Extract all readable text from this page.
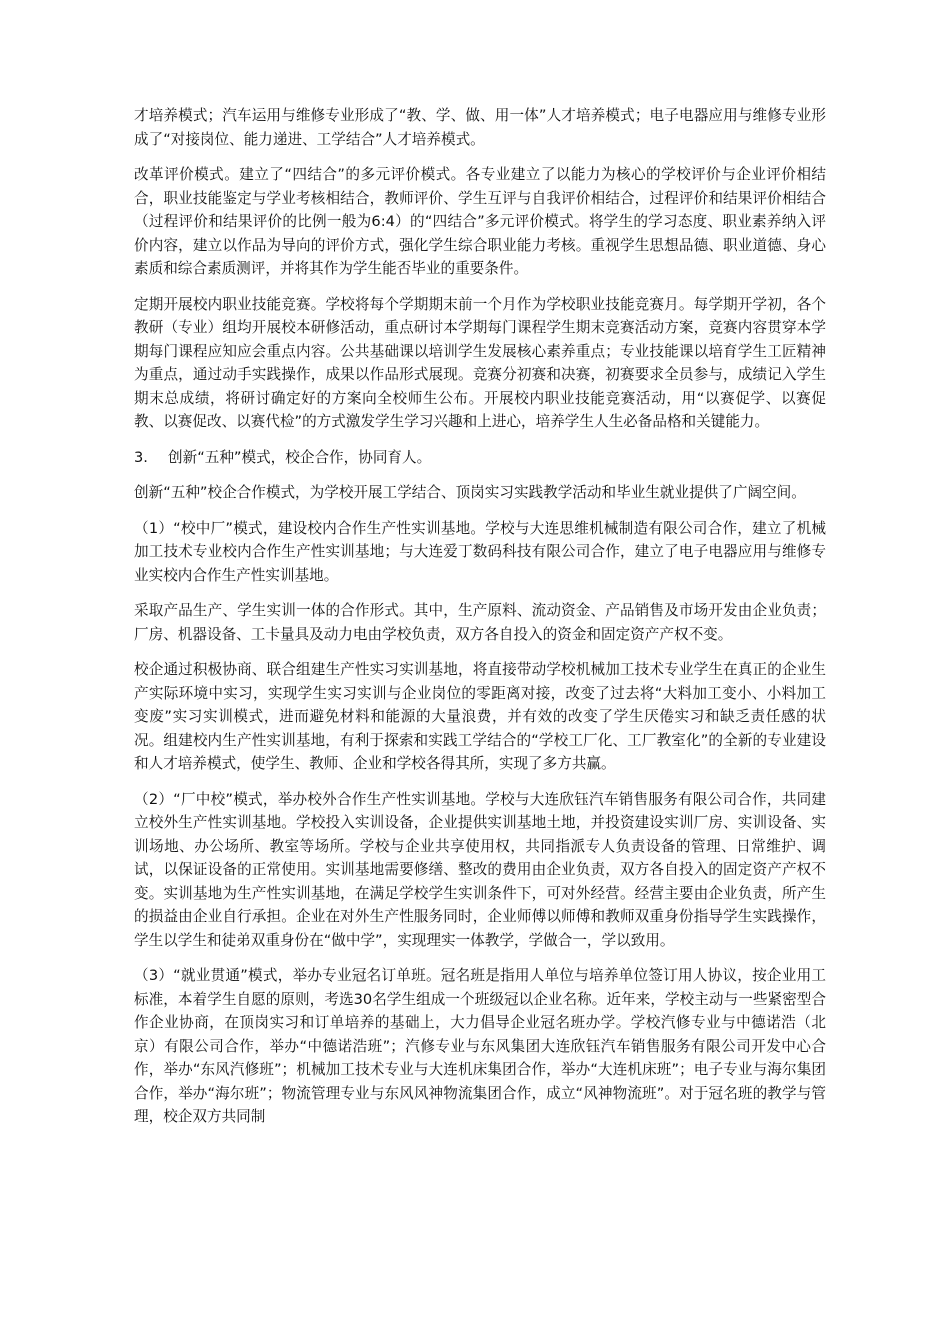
才培养模式；汽车运用与维修专业形成了“教、学、做、用一体”人才培养模式；电子电器应用与维修专业形成了“对接岗位、能力递进、工学结合”人才培养模式。

改革评价模式。建立了“四结合”的多元评价模式。各专业建立了以能力为核心的学校评价与企业评价相结合，职业技能鉴定与学业考核相结合，教师评价、学生互评与自我评价相结合，过程评价和结果评价相结合（过程评价和结果评价的比例一般为6:4）的“四结合”多元评价模式。将学生的学习态度、职业素养纳入评价内容，建立以作品为导向的评价方式，强化学生综合职业能力考核。重视学生思想品德、职业道德、身心素质和综合素质测评，并将其作为学生能否毕业的重要条件。

定期开展校内职业技能竞赛。学校将每个学期期末前一个月作为学校职业技能竞赛月。每学期开学初，各个教研（专业）组均开展校本研修活动，重点研讨本学期每门课程学生期末竞赛活动方案，竞赛内容贯穿本学期每门课程应知应会重点内容。公共基础课以培训学生发展核心素养重点；专业技能课以培育学生工匠精神为重点，通过动手实践操作，成果以作品形式展现。竞赛分初赛和决赛，初赛要求全员参与，成绩记入学生期末总成绩，将研讨确定好的方案向全校师生公布。开展校内职业技能竞赛活动，用“以赛促学、以赛促教、以赛促改、以赛代检”的方式激发学生学习兴趣和上进心，培养学生人生必备品格和关键能力。

3. 创新“五种”模式，校企合作，协同育人。

创新“五种”校企合作模式，为学校开展工学结合、顶岗实习实践教学活动和毕业生就业提供了广阔空间。

（1）“校中厂”模式，建设校内合作生产性实训基地。学校与大连思维机械制造有限公司合作，建立了机械加工技术专业校内合作生产性实训基地；与大连爱丁数码科技有限公司合作，建立了电子电器应用与维修专业实校内合作生产性实训基地。

采取产品生产、学生实训一体的合作形式。其中，生产原料、流动资金、产品销售及市场开发由企业负责；厂房、机器设备、工卡量具及动力电由学校负责，双方各自投入的资金和固定资产产权不变。

校企通过积极协商、联合组建生产性实习实训基地，将直接带动学校机械加工技术专业学生在真正的企业生产实际环境中实习，实现学生实习实训与企业岗位的零距离对接，改变了过去将“大料加工变小、小料加工变废”实习实训模式，进而避免材料和能源的大量浪费，并有效的改变了学生厌倦实习和缺乏责任感的状况。组建校内生产性实训基地，有利于探索和实践工学结合的“学校工厂化、工厂教室化”的全新的专业建设和人才培养模式，使学生、教师、企业和学校各得其所，实现了多方共赢。

（2）“厂中校”模式，举办校外合作生产性实训基地。学校与大连欣钰汽车销售服务有限公司合作，共同建立校外生产性实训基地。学校投入实训设备，企业提供实训基地土地，并投资建设实训厂房、实训设备、实训场地、办公场所、教室等场所。学校与企业共享使用权，共同指派专人负责设备的管理、日常维护、调试，以保证设备的正常使用。实训基地需要修缮、整改的费用由企业负责，双方各自投入的固定资产产权不变。实训基地为生产性实训基地，在满足学校学生实训条件下，可对外经营。经营主要由企业负责，所产生的损益由企业自行承担。企业在对外生产性服务同时，企业师傅以师傅和教师双重身份指导学生实践操作，学生以学生和徒弟双重身份在“做中学”，实现理实一体教学，学做合一，学以致用。

（3）“就业贯通”模式，举办专业冠名订单班。冠名班是指用人单位与培养单位签订用人协议，按企业用工标准，本着学生自愿的原则，考选30名学生组成一个班级冠以企业名称。近年来，学校主动与一些紧密型合作企业协商，在顶岗实习和订单培养的基础上，大力倡导企业冠名班办学。学校汽修专业与中德诺浩（北京）有限公司合作，举办“中德诺浩班”；汽修专业与东风集团大连欣钰汽车销售服务有限公司开发中心合作，举办“东风汽修班”；机械加工技术专业与大连机床集团合作，举办“大连机床班”；电子专业与海尔集团合作，举办“海尔班”；物流管理专业与东风风神物流集团合作，成立“风神物流班”。对于冠名班的教学与管理，校企双方共同制
